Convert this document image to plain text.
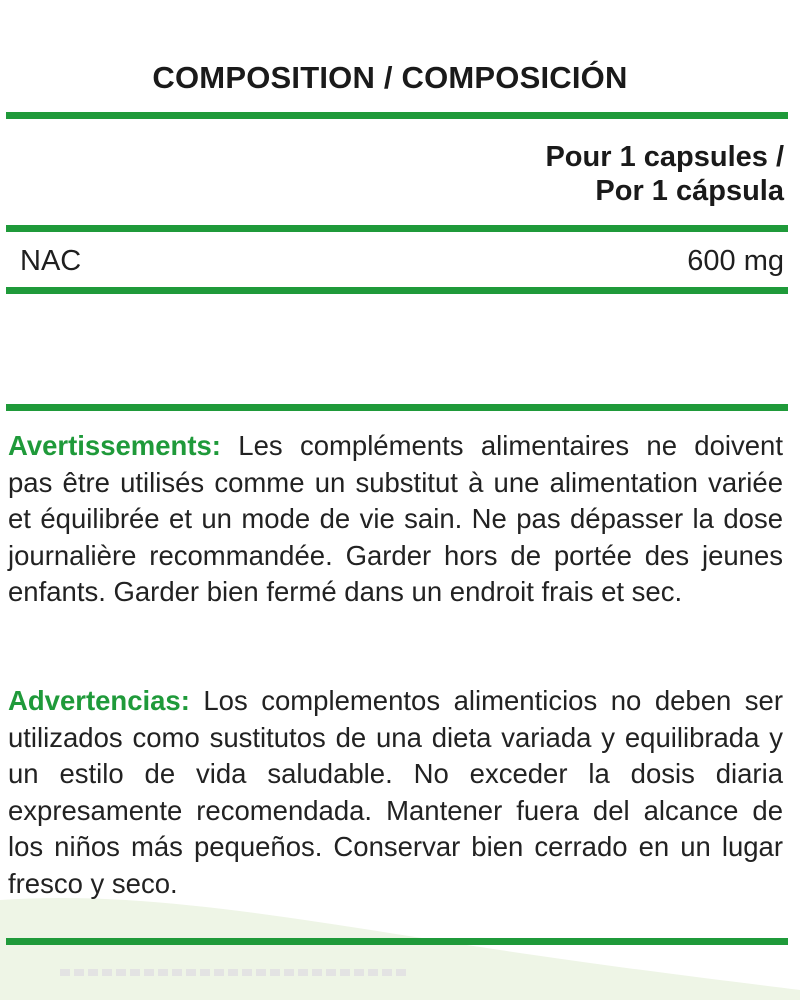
COMPOSITION / COMPOSICIÓN
Pour 1 capsules /
Por 1 cápsula
NAC	600 mg

Avertissements: Les compléments alimentaires ne doivent pas être utilisés comme un substitut à une alimentation variée et équilibrée et un mode de vie sain. Ne pas dépasser la dose journalière recommandée. Garder hors de portée des jeunes enfants. Garder bien fermé dans un endroit frais et sec.

Advertencias: Los complementos alimenticios no deben ser utilizados como sustitutos de una dieta variada y equilibrada y un estilo de vida saludable. No exceder la dosis diaria expresamente recomendada. Mantener fuera del alcance de los niños más pequeños. Conservar bien cerrado en un lugar fresco y seco.
